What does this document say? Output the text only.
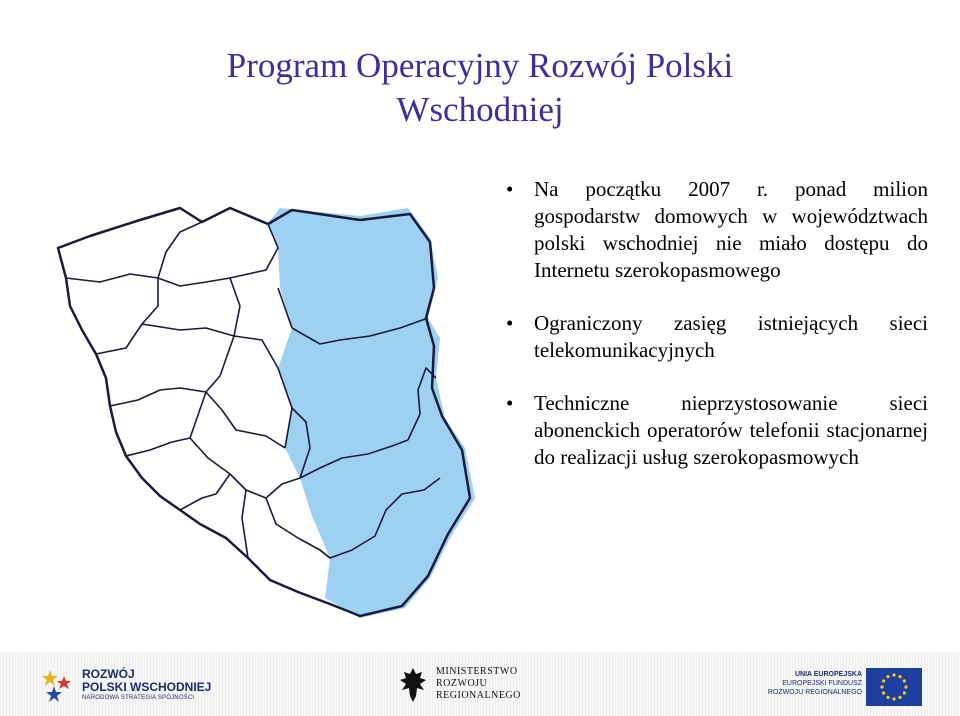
Program Operacyjny Rozwój Polski
Wschodniej
• Na początku 2007 r. ponad milion gospodarstw domowych w województwach polski wschodniej nie miało dostępu do Internetu szerokopasmowego
• Ograniczony zasięg istniejących sieci telekomunikacyjnych
• Techniczne nieprzystosowanie sieci abonenckich operatorów telefonii stacjonarnej do realizacji usług szerokopasmowych
ROZWÓJ
POLSKI WSCHODNIEJ
NARODOWA STRATEGIA SPÓJNOŚCI
MINISTERSTWO
ROZWOJU
REGIONALNEGO
UNIA EUROPEJSKA
EUROPEJSKI FUNDUSZ
ROZWOJU REGIONALNEGO
